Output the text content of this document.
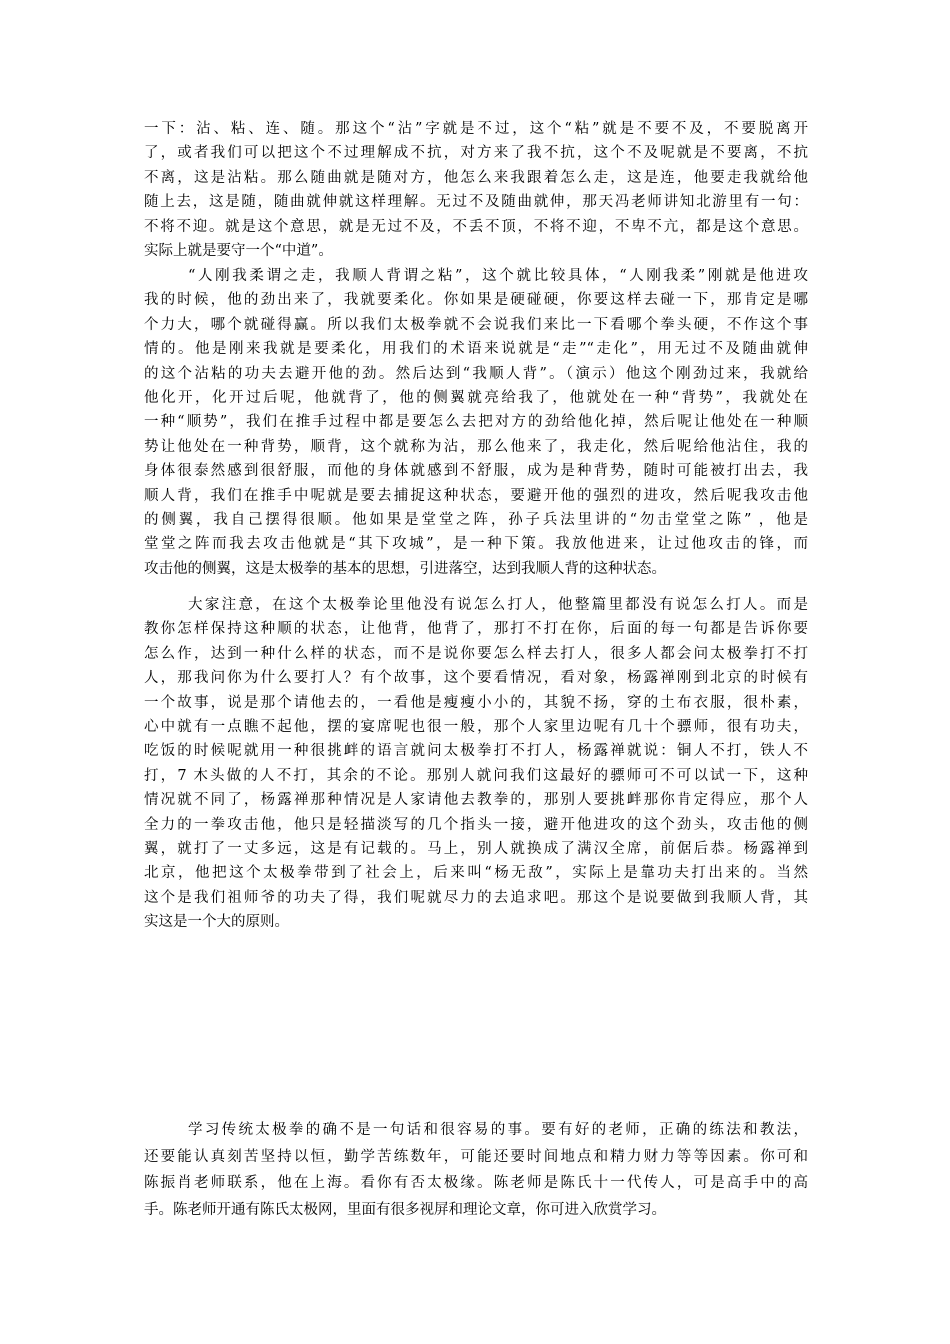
一下：沾、粘、连、随。那这个“沾”字就是不过，这个“粘”就是不要不及，不要脱离开
了，或者我们可以把这个不过理解成不抗，对方来了我不抗，这个不及呢就是不要离，不抗
不离，这是沾粘。那么随曲就是随对方，他怎么来我跟着怎么走，这是连，他要走我就给他
随上去，这是随，随曲就伸就这样理解。无过不及随曲就伸，那天冯老师讲知北游里有一句：
不将不迎。就是这个意思，就是无过不及，不丢不顶，不将不迎，不卑不亢，都是这个意思。
实际上就是要守一个“中道”。
“人刚我柔谓之走，我顺人背谓之粘”，这个就比较具体，“人刚我柔”刚就是他进攻
我的时候，他的劲出来了，我就要柔化。你如果是硬碰硬，你要这样去碰一下，那肯定是哪
个力大，哪个就碰得赢。所以我们太极拳就不会说我们来比一下看哪个拳头硬，不作这个事
情的。他是刚来我就是要柔化，用我们的术语来说就是“走”“走化”，用无过不及随曲就伸
的这个沾粘的功夫去避开他的劲。然后达到“我顺人背”。（演示）他这个刚劲过来，我就给
他化开，化开过后呢，他就背了，他的侧翼就亮给我了，他就处在一种“背势”，我就处在
一种“顺势”，我们在推手过程中都是要怎么去把对方的劲给他化掉，然后呢让他处在一种顺
势让他处在一种背势，顺背，这个就称为沾，那么他来了，我走化，然后呢给他沾住，我的
身体很泰然感到很舒服，而他的身体就感到不舒服，成为是种背势，随时可能被打出去，我
顺人背，我们在推手中呢就是要去捕捉这种状态，要避开他的强烈的进攻，然后呢我攻击他
的侧翼，我自己摆得很顺。他如果是堂堂之阵，孙子兵法里讲的“勿击堂堂之陈” ，他是
堂堂之阵而我去攻击他就是“其下攻城”，是一种下策。我放他进来，让过他攻击的锋，而
攻击他的侧翼，这是太极拳的基本的思想，引进落空，达到我顺人背的这种状态。
大家注意，在这个太极拳论里他没有说怎么打人，他整篇里都没有说怎么打人。而是
教你怎样保持这种顺的状态，让他背，他背了，那打不打在你，后面的每一句都是告诉你要
怎么作，达到一种什么样的状态，而不是说你要怎么样去打人，很多人都会问太极拳打不打
人，那我问你为什么要打人？有个故事，这个要看情况，看对象，杨露禅刚到北京的时候有
一个故事，说是那个请他去的，一看他是瘦瘦小小的，其貌不扬，穿的土布衣服，很朴素，
心中就有一点瞧不起他，摆的宴席呢也很一般，那个人家里边呢有几十个骠师，很有功夫，
吃饭的时候呢就用一种很挑衅的语言就问太极拳打不打人，杨露禅就说：铜人不打，铁人不
打，7 木头做的人不打，其余的不论。那别人就问我们这最好的骠师可不可以试一下，这种
情况就不同了，杨露禅那种情况是人家请他去教拳的，那别人要挑衅那你肯定得应，那个人
全力的一拳攻击他，他只是轻描淡写的几个指头一接，避开他进攻的这个劲头，攻击他的侧
翼，就打了一丈多远，这是有记载的。马上，别人就换成了满汉全席，前倨后恭。杨露禅到
北京，他把这个太极拳带到了社会上，后来叫“杨无敌”，实际上是靠功夫打出来的。当然
这个是我们祖师爷的功夫了得，我们呢就尽力的去追求吧。那这个是说要做到我顺人背，其
实这是一个大的原则。
学习传统太极拳的确不是一句话和很容易的事。要有好的老师，正确的练法和教法，
还要能认真刻苦坚持以恒，勤学苦练数年，可能还要时间地点和精力财力等等因素。你可和
陈振肖老师联系，他在上海。看你有否太极缘。陈老师是陈氏十一代传人，可是高手中的高
手。陈老师开通有陈氏太极网，里面有很多视屏和理论文章，你可进入欣赏学习。
